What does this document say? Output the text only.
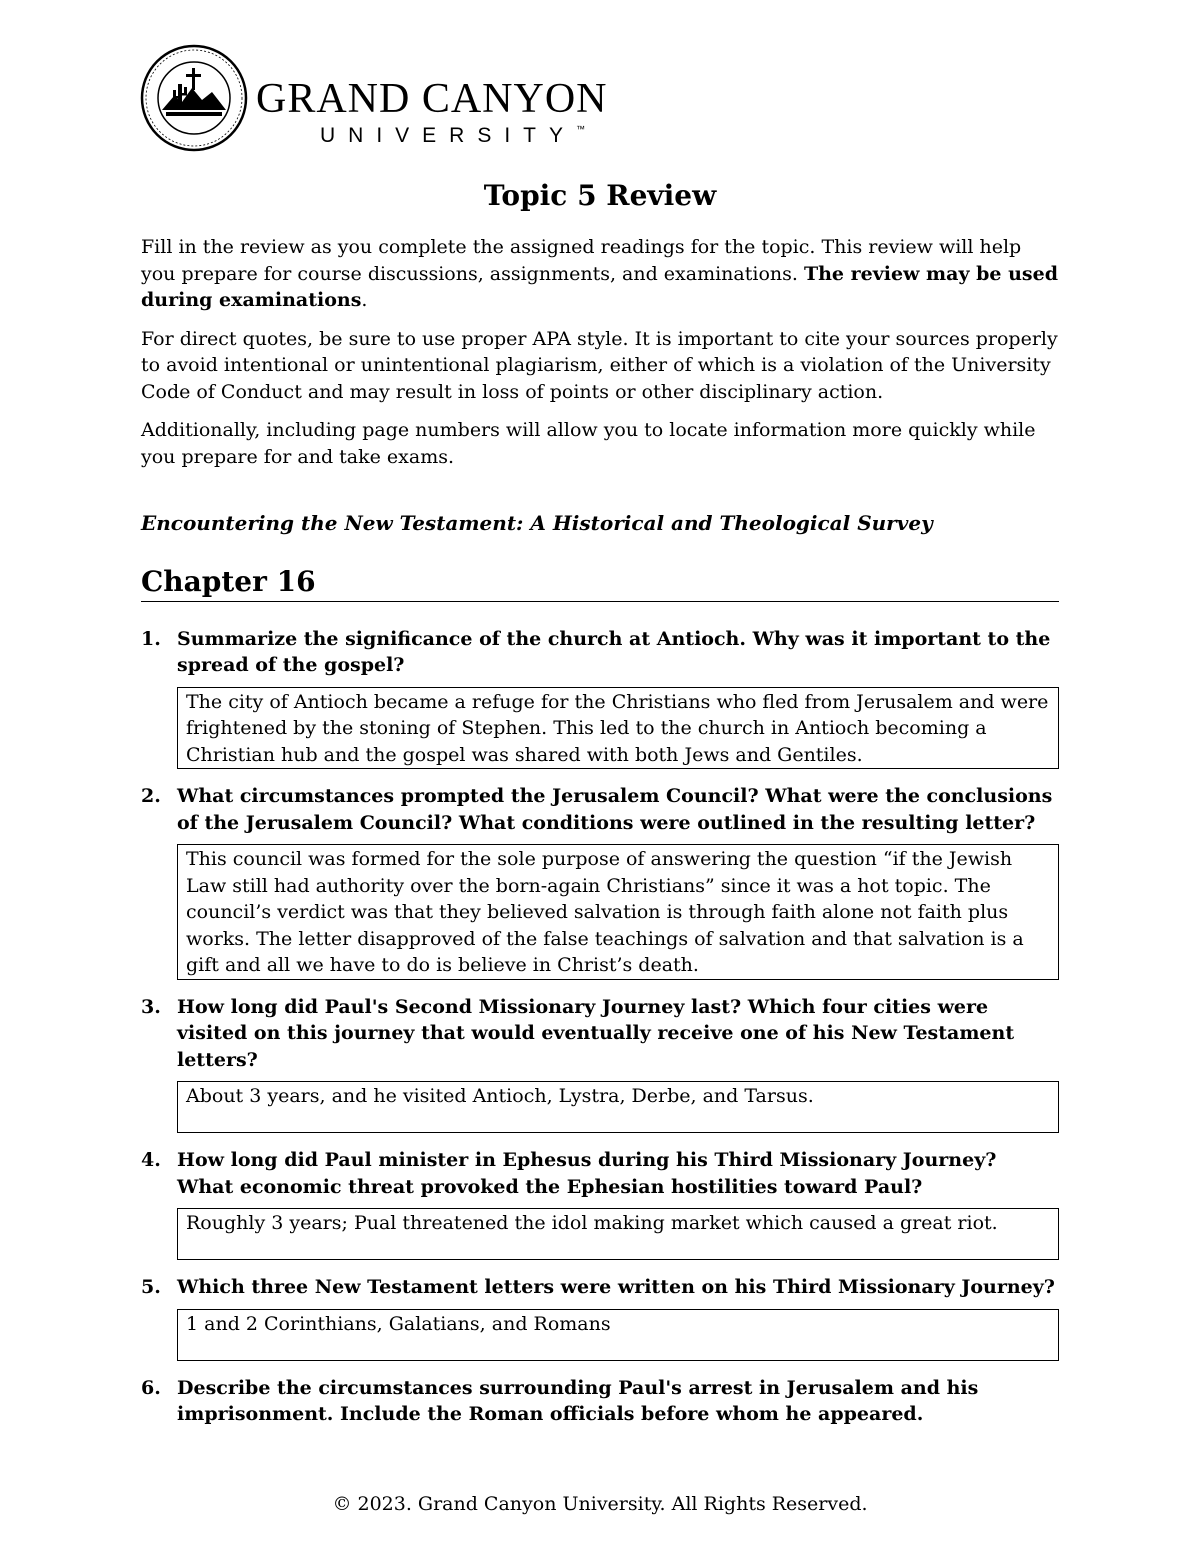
GRAND CANYON
UNIVERSITY™
Topic 5 Review

Fill in the review as you complete the assigned readings for the topic. This review will help you prepare for course discussions, assignments, and examinations. The review may be used during examinations.

For direct quotes, be sure to use proper APA style. It is important to cite your sources properly to avoid intentional or unintentional plagiarism, either of which is a violation of the University Code of Conduct and may result in loss of points or other disciplinary action.

Additionally, including page numbers will allow you to locate information more quickly while you prepare for and take exams.

Encountering the New Testament: A Historical and Theological Survey
Chapter 16
1. Summarize the significance of the church at Antioch. Why was it important to the spread of the gospel?
The city of Antioch became a refuge for the Christians who fled from Jerusalem and were frightened by the stoning of Stephen. This led to the church in Antioch becoming a Christian hub and the gospel was shared with both Jews and Gentiles.
2. What circumstances prompted the Jerusalem Council? What were the conclusions of the Jerusalem Council? What conditions were outlined in the resulting letter?
This council was formed for the sole purpose of answering the question “if the Jewish Law still had authority over the born-again Christians” since it was a hot topic. The council’s verdict was that they believed salvation is through faith alone not faith plus works. The letter disapproved of the false teachings of salvation and that salvation is a gift and all we have to do is believe in Christ’s death.
3. How long did Paul's Second Missionary Journey last? Which four cities were visited on this journey that would eventually receive one of his New Testament letters?
About 3 years, and he visited Antioch, Lystra, Derbe, and Tarsus.
4. How long did Paul minister in Ephesus during his Third Missionary Journey? What economic threat provoked the Ephesian hostilities toward Paul?
Roughly 3 years; Pual threatened the idol making market which caused a great riot.
5. Which three New Testament letters were written on his Third Missionary Journey?
1 and 2 Corinthians, Galatians, and Romans
6. Describe the circumstances surrounding Paul's arrest in Jerusalem and his imprisonment. Include the Roman officials before whom he appeared.
© 2023. Grand Canyon University. All Rights Reserved.
